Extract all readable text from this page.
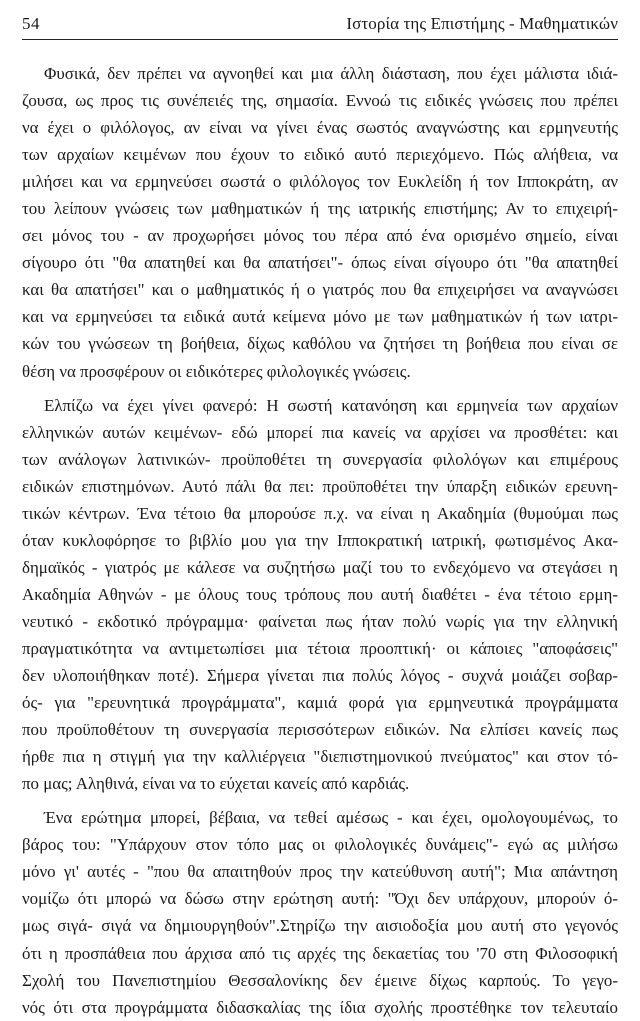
54	Ιστορία της Επιστήμης - Μαθηματικών

Φυσικά, δεν πρέπει να αγνοηθεί και μια άλλη διάσταση, που έχει μάλιστα ιδιά-
ζουσα, ως προς τις συνέπειές της, σημασία. Εννοώ τις ειδικές γνώσεις που πρέπει
να έχει ο φιλόλογος, αν είναι να γίνει ένας σωστός αναγνώστης και ερμηνευτής
των αρχαίων κειμένων που έχουν το ειδικό αυτό περιεχόμενο. Πώς αλήθεια, να
μιλήσει και να ερμηνεύσει σωστά ο φιλόλογος τον Ευκλείδη ή τον Ιπποκράτη, αν
του λείπουν γνώσεις των μαθηματικών ή της ιατρικής επιστήμης; Αν το επιχειρή-
σει μόνος του - αν προχωρήσει μόνος του πέρα από ένα ορισμένο σημείο, είναι
σίγουρο ότι "θα απατηθεί και θα απατήσει"- όπως είναι σίγουρο ότι "θα απατηθεί
και θα απατήσει" και ο μαθηματικός ή ο γιατρός που θα επιχειρήσει να αναγνώσει
και να ερμηνεύσει τα ειδικά αυτά κείμενα μόνο με των μαθηματικών ή των ιατρι-
κών του γνώσεων τη βοήθεια, δίχως καθόλου να ζητήσει τη βοήθεια που είναι σε
θέση να προσφέρουν οι ειδικότερες φιλολογικές γνώσεις.

Ελπίζω να έχει γίνει φανερό: Η σωστή κατανόηση και ερμηνεία των αρχαίων
ελληνικών αυτών κειμένων- εδώ μπορεί πια κανείς να αρχίσει να προσθέτει: και
των ανάλογων λατινικών- προϋποθέτει τη συνεργασία φιλολόγων και επιμέρους
ειδικών επιστημόνων. Αυτό πάλι θα πει: προϋποθέτει την ύπαρξη ειδικών ερευνη-
τικών κέντρων. Ένα τέτοιο θα μπορούσε π.χ. να είναι η Ακαδημία (θυμούμαι πως
όταν κυκλοφόρησε το βιβλίο μου για την Ιπποκρατική ιατρική, φωτισμένος Ακα-
δημαϊκός - γιατρός με κάλεσε να συζητήσω μαζί του το ενδεχόμενο να στεγάσει η
Ακαδημία Αθηνών - με όλους τους τρόπους που αυτή διαθέτει - ένα τέτοιο ερμη-
νευτικό - εκδοτικό πρόγραμμα· φαίνεται πως ήταν πολύ νωρίς για την ελληνική
πραγματικότητα να αντιμετωπίσει μια τέτοια προοπτική· οι κάποιες "αποφάσεις"
δεν υλοποιήθηκαν ποτέ). Σήμερα γίνεται πια πολύς λόγος - συχνά μοιάζει σοβαρ-
ός- για "ερευνητικά προγράμματα", καμιά φορά για ερμηνευτικά προγράμματα
που προϋποθέτουν τη συνεργασία περισσότερων ειδικών. Να ελπίσει κανείς πως
ήρθε πια η στιγμή για την καλλιέργεια "διεπιστημονικού πνεύματος" και στον τό-
πο μας; Αληθινά, είναι να το εύχεται κανείς από καρδιάς.

Ένα ερώτημα μπορεί, βέβαια, να τεθεί αμέσως - και έχει, ομολογουμένως, το
βάρος του: "Υπάρχουν στον τόπο μας οι φιλολογικές δυνάμεις"- εγώ ας μιλήσω
μόνο γι' αυτές - "που θα απαιτηθούν προς την κατεύθυνση αυτή"; Μια απάντηση
νομίζω ότι μπορώ να δώσω στην ερώτηση αυτή: "Όχι δεν υπάρχουν, μπορούν ό-
μως σιγά- σιγά να δημιουργηθούν".Στηρίζω την αισιοδοξία μου αυτή στο γεγονός
ότι η προσπάθεια που άρχισα από τις αρχές της δεκαετίας του '70 στη Φιλοσοφική
Σχολή του Πανεπιστημίου Θεσσαλονίκης δεν έμεινε δίχως καρπούς. Το γεγο-
νός ότι στα προγράμματα διδασκαλίας της ίδια σχολής προστέθηκε τον τελευταίο
